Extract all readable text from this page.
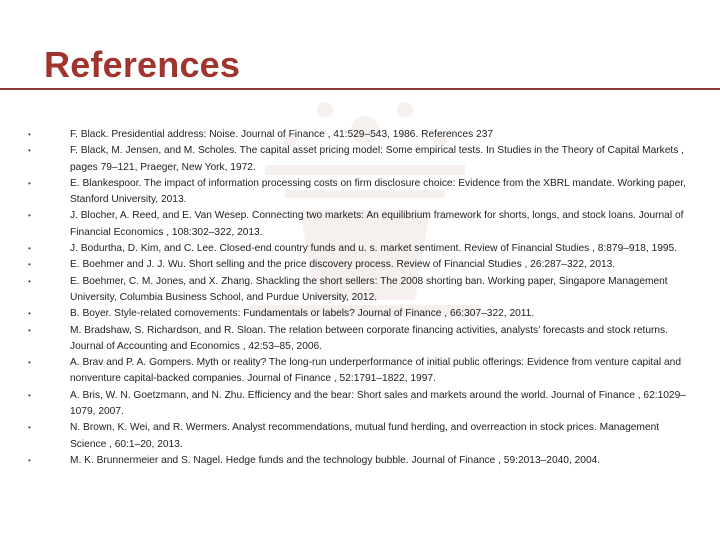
References
•	F. Black. Presidential address: Noise. Journal of Finance , 41:529–543, 1986. References 237
•	F. Black, M. Jensen, and M. Scholes. The capital asset pricing model: Some empirical tests. In Studies in the Theory of Capital Markets , pages 79–121, Praeger, New York, 1972.
•	E. Blankespoor. The impact of information processing costs on firm disclosure choice: Evidence from the XBRL mandate. Working paper, Stanford University, 2013.
•	J. Blocher, A. Reed, and E. Van Wesep. Connecting two markets: An equilibrium framework for shorts, longs, and stock loans. Journal of Financial Economics , 108:302–322, 2013.
•	J. Bodurtha, D. Kim, and C. Lee. Closed-end country funds and u. s. market sentiment. Review of Financial Studies , 8:879–918, 1995.
•	E. Boehmer and J. J. Wu. Short selling and the price discovery process. Review of Financial Studies , 26:287–322, 2013.
•	E. Boehmer, C. M. Jones, and X. Zhang. Shackling the short sellers: The 2008 shorting ban. Working paper, Singapore Management University, Columbia Business School, and Purdue University, 2012.
•	B. Boyer. Style-related comovements: Fundamentals or labels? Journal of Finance , 66:307–322, 2011.
•	M. Bradshaw, S. Richardson, and R. Sloan. The relation between corporate financing activities, analysts’ forecasts and stock returns. Journal of Accounting and Economics , 42:53–85, 2006.
•	A. Brav and P. A. Gompers. Myth or reality? The long-run underperformance of initial public offerings: Evidence from venture capital and nonventure capital-backed companies. Journal of Finance , 52:1791–1822, 1997.
•	A. Bris, W. N. Goetzmann, and N. Zhu. Efficiency and the bear: Short sales and markets around the world. Journal of Finance , 62:1029–1079, 2007.
•	N. Brown, K. Wei, and R. Wermers. Analyst recommendations, mutual fund herding, and overreaction in stock prices. Management Science , 60:1–20, 2013.
•	M. K. Brunnermeier and S. Nagel. Hedge funds and the technology bubble. Journal of Finance , 59:2013–2040, 2004.
